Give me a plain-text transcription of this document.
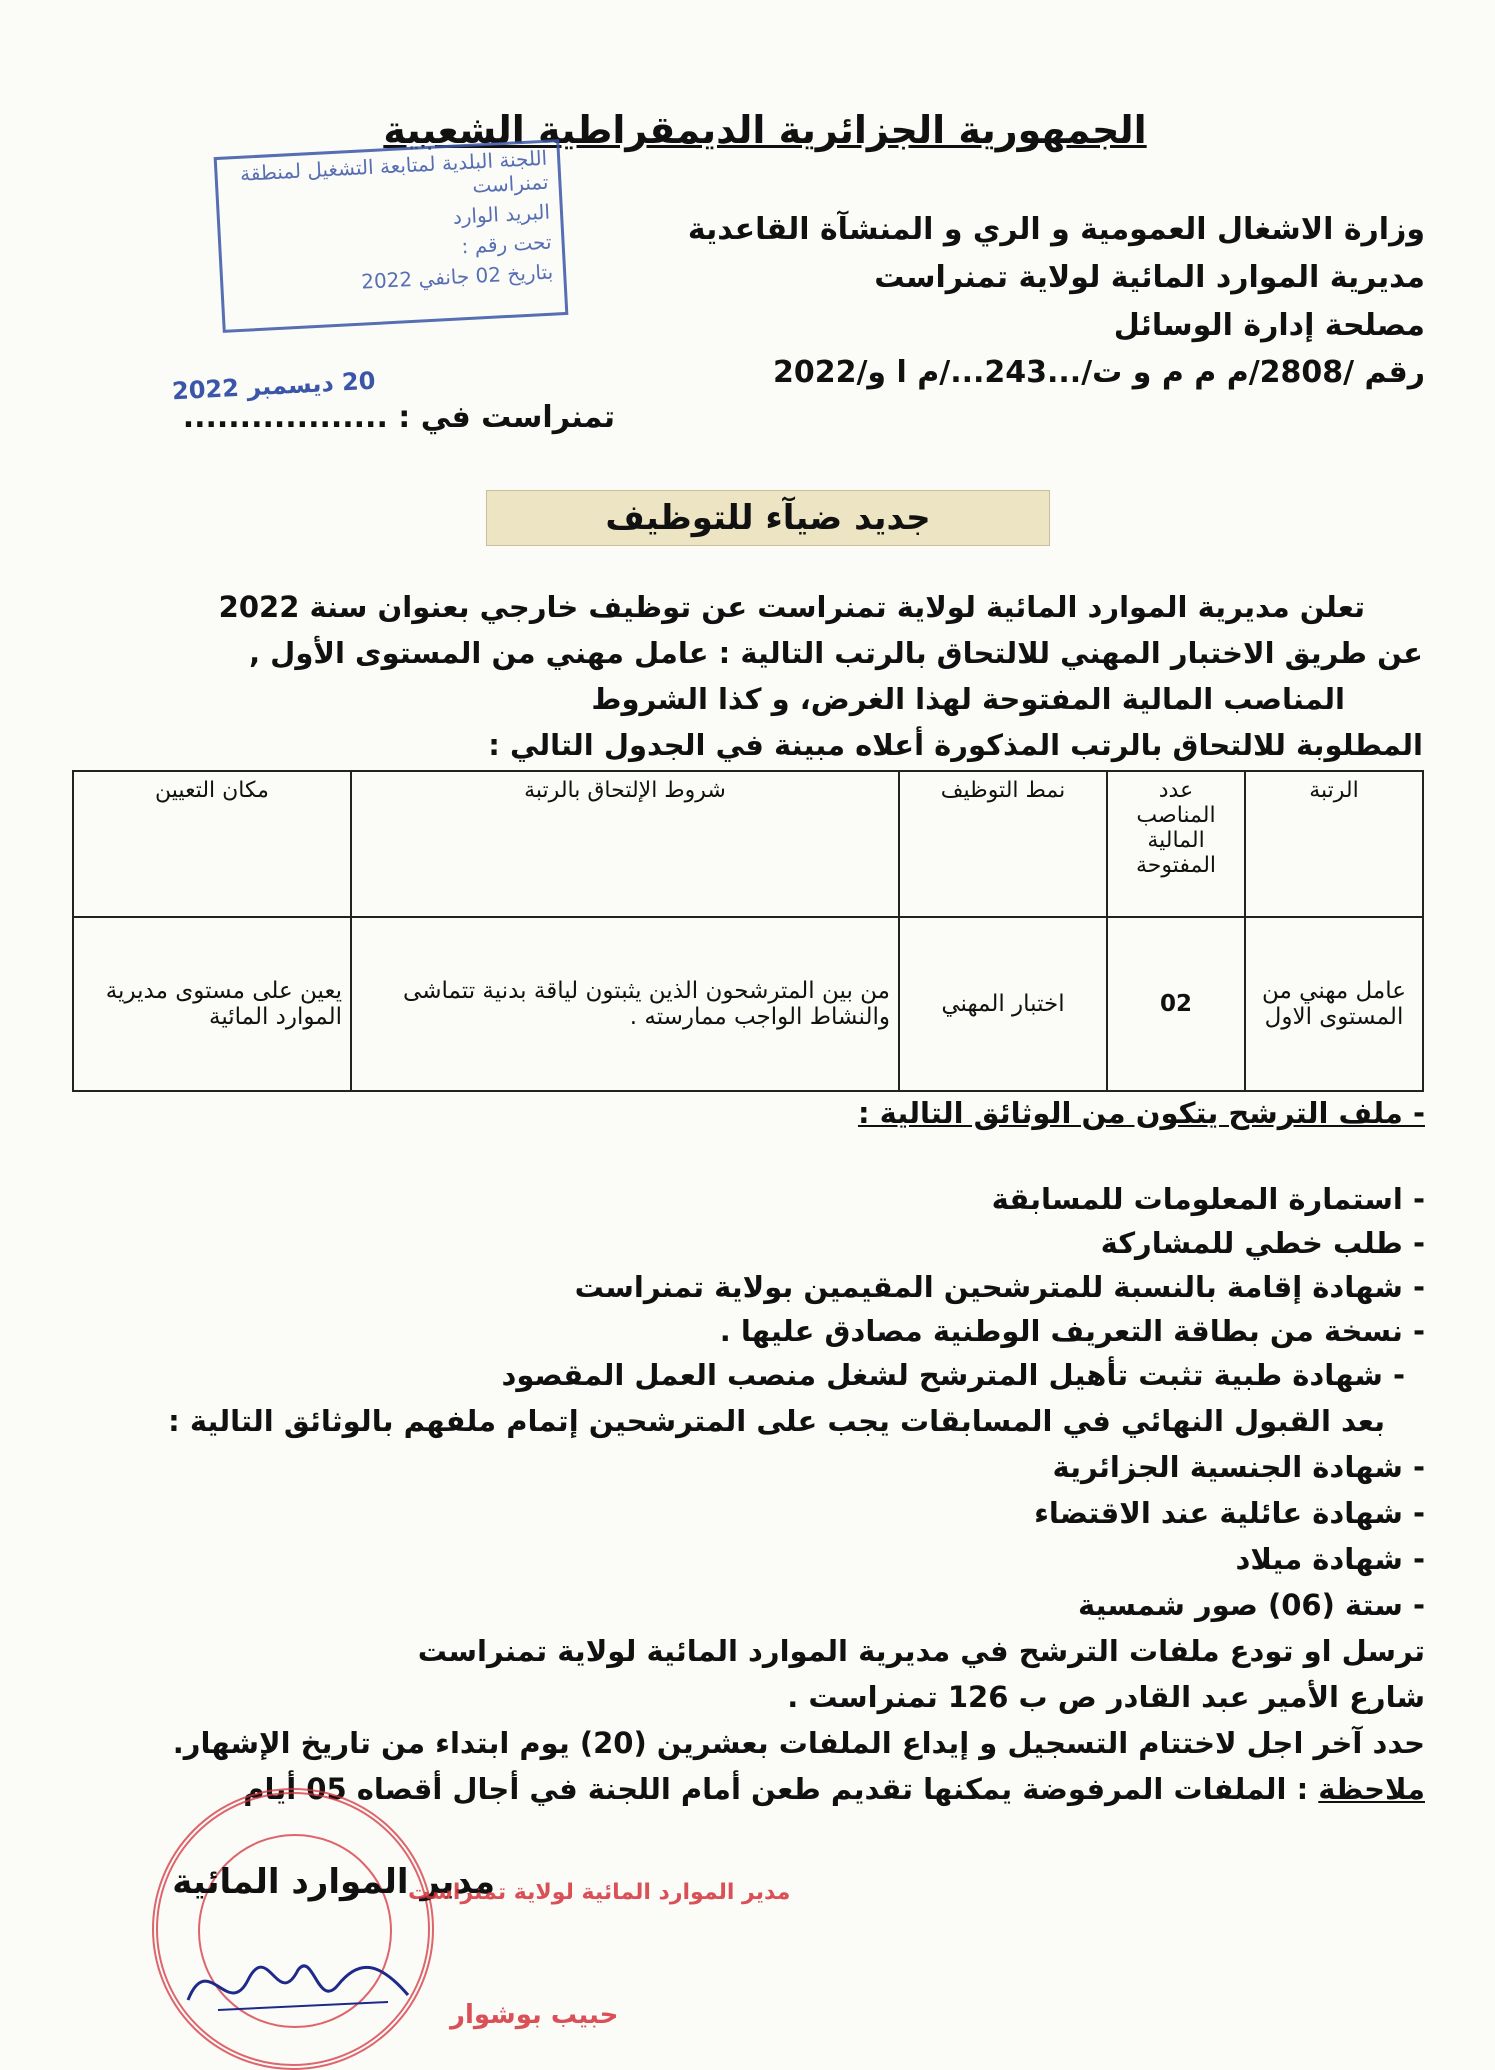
الجمهورية الجزائرية الديمقراطية الشعبية
اللجنة البلدية لمتابعة التشغيل لمنطقة تمنراست
البريد الوارد
تحت رقم :
بتاريخ 02 جانفي 2022
وزارة الاشغال العمومية و الري و المنشآة القاعدية
مديرية الموارد المائية لولاية تمنراست
مصلحة إدارة الوسائل
رقم /2808/م م م و ت/...243.../م ا و/2022
20 ديسمبر 2022
تمنراست في : ..................
جديد ضيآء للتوظيف
تعلن مديرية الموارد المائية لولاية تمنراست عن توظيف خارجي بعنوان سنة 2022
عن طريق الاختبار المهني للالتحاق بالرتب التالية : عامل مهني من المستوى الأول ,
المناصب المالية المفتوحة لهذا الغرض، و كذا الشروط
المطلوبة للالتحاق بالرتب المذكورة أعلاه مبينة في الجدول التالي :
الرتبة	عدد المناصب المالية المفتوحة	نمط التوظيف	شروط الإلتحاق بالرتبة	مكان التعيين
عامل مهني من المستوى الاول	02	اختبار المهني	من بين المترشحون الذين يثبتون لياقة بدنية تتماشى والنشاط الواجب ممارسته .	يعين على مستوى مديرية الموارد المائية
- ملف الترشح يتكون من الوثائق التالية :
- استمارة المعلومات للمسابقة
- طلب خطي للمشاركة
- شهادة إقامة بالنسبة للمترشحين المقيمين بولاية تمنراست
- نسخة من بطاقة التعريف الوطنية مصادق عليها .
- شهادة طبية تثبت تأهيل المترشح لشغل منصب العمل المقصود
بعد القبول النهائي في المسابقات يجب على المترشحين إتمام ملفهم بالوثائق التالية :
- شهادة الجنسية الجزائرية
- شهادة عائلية عند الاقتضاء
- شهادة ميلاد
- ستة (06) صور شمسية
ترسل او تودع ملفات الترشح في مديرية الموارد المائية لولاية تمنراست
شارع الأمير عبد القادر ص ب 126 تمنراست .
حدد آخر اجل لاختتام التسجيل و إيداع الملفات بعشرين (20) يوم ابتداء من تاريخ الإشهار.
ملاحظة : الملفات المرفوضة يمكنها تقديم طعن أمام اللجنة في أجال أقصاه 05 أيام
مدير الموارد المائية
مدير الموارد المائية لولاية تمنراست
حبيب بوشوار
